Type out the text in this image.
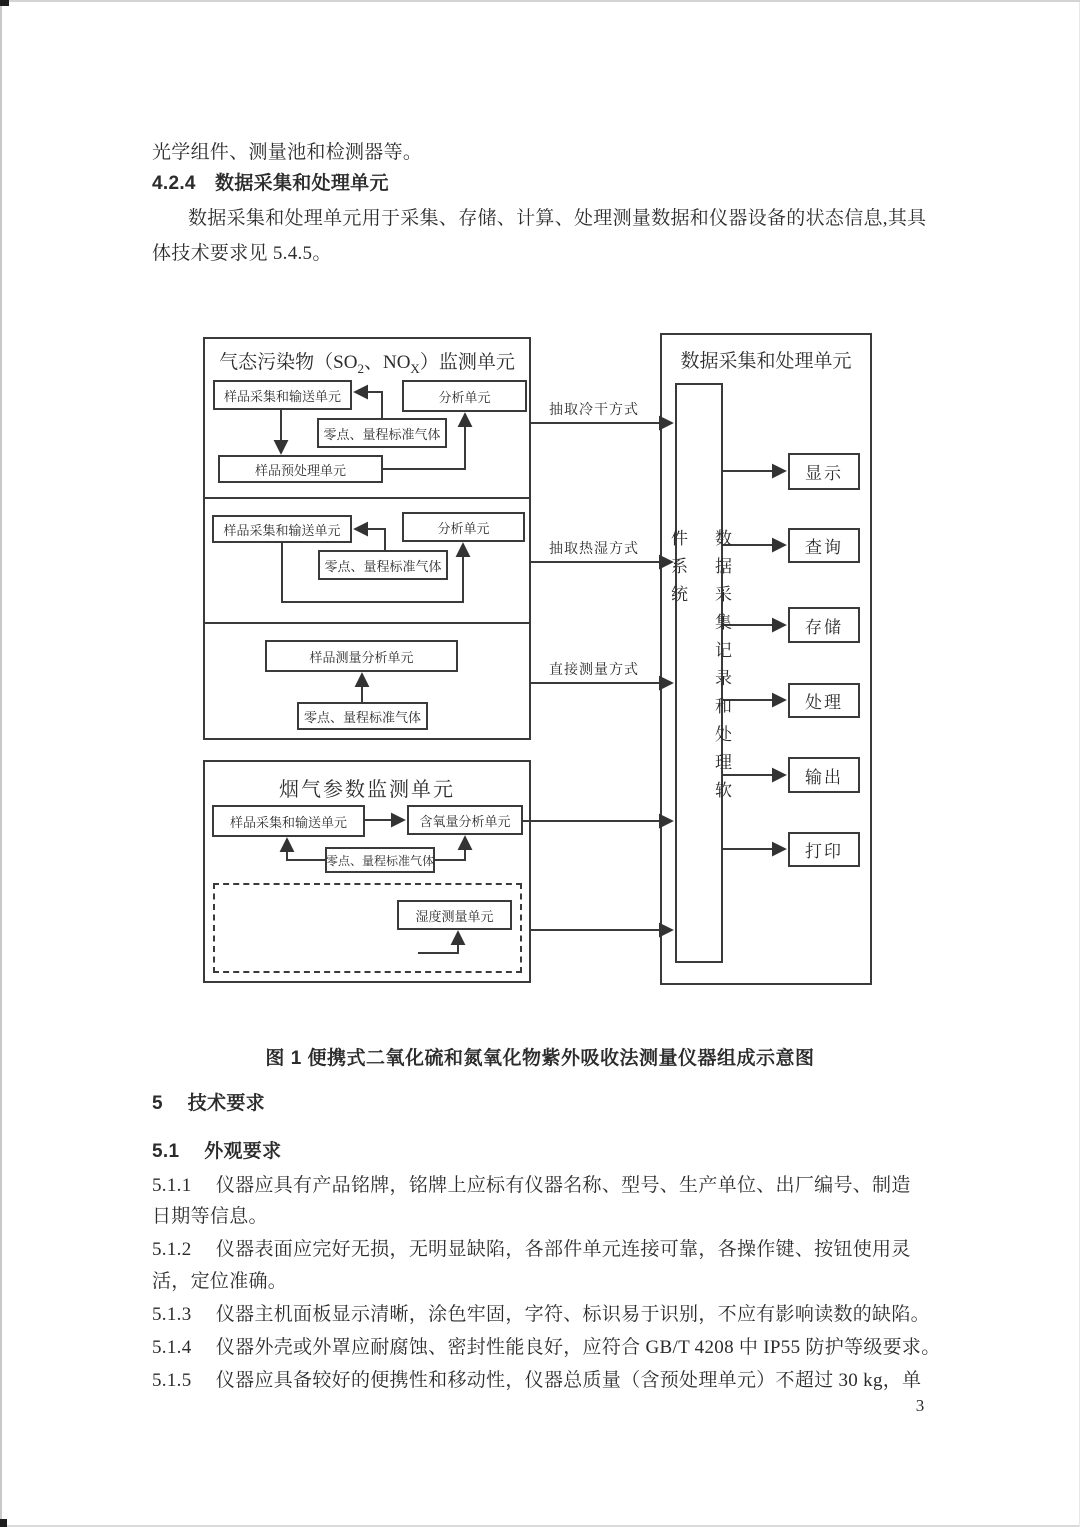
光学组件、测量池和检测器等。
4.2.4　数据采集和处理单元
数据采集和处理单元用于采集、存储、计算、处理测量数据和仪器设备的状态信息,其具
体技术要求见 5.4.5。
气态污染物（$SO_2$、$NO_X$）监测单元
烟气参数监测单元
数据采集和处理单元
样品采集和输送单元	分析单元
零点、量程标准气体
样品预处理单元
样品采集和输送单元	分析单元
零点、量程标准气体
样品测量分析单元
零点、量程标准气体
样品采集和输送单元	含氧量分析单元
零点、量程标准气体
湿度测量单元
数据采集记录和处理软件系统
显示
查询
存储
处理
输出
打印
抽取冷干方式
抽取热湿方式
直接测量方式
图 1 便携式二氧化硫和氮氧化物紫外吸收法测量仪器组成示意图
5　 技术要求
5.1　 外观要求
5.1.1　 仪器应具有产品铭牌，铭牌上应标有仪器名称、型号、生产单位、出厂编号、制造
日期等信息。
5.1.2　 仪器表面应完好无损，无明显缺陷，各部件单元连接可靠，各操作键、按钮使用灵
活，定位准确。
5.1.3　 仪器主机面板显示清晰，涂色牢固，字符、标识易于识别，不应有影响读数的缺陷。
5.1.4　 仪器外壳或外罩应耐腐蚀、密封性能良好，应符合 GB/T 4208 中 IP55 防护等级要求。
5.1.5　 仪器应具备较好的便携性和移动性，仪器总质量（含预处理单元）不超过 30 kg，单
3
